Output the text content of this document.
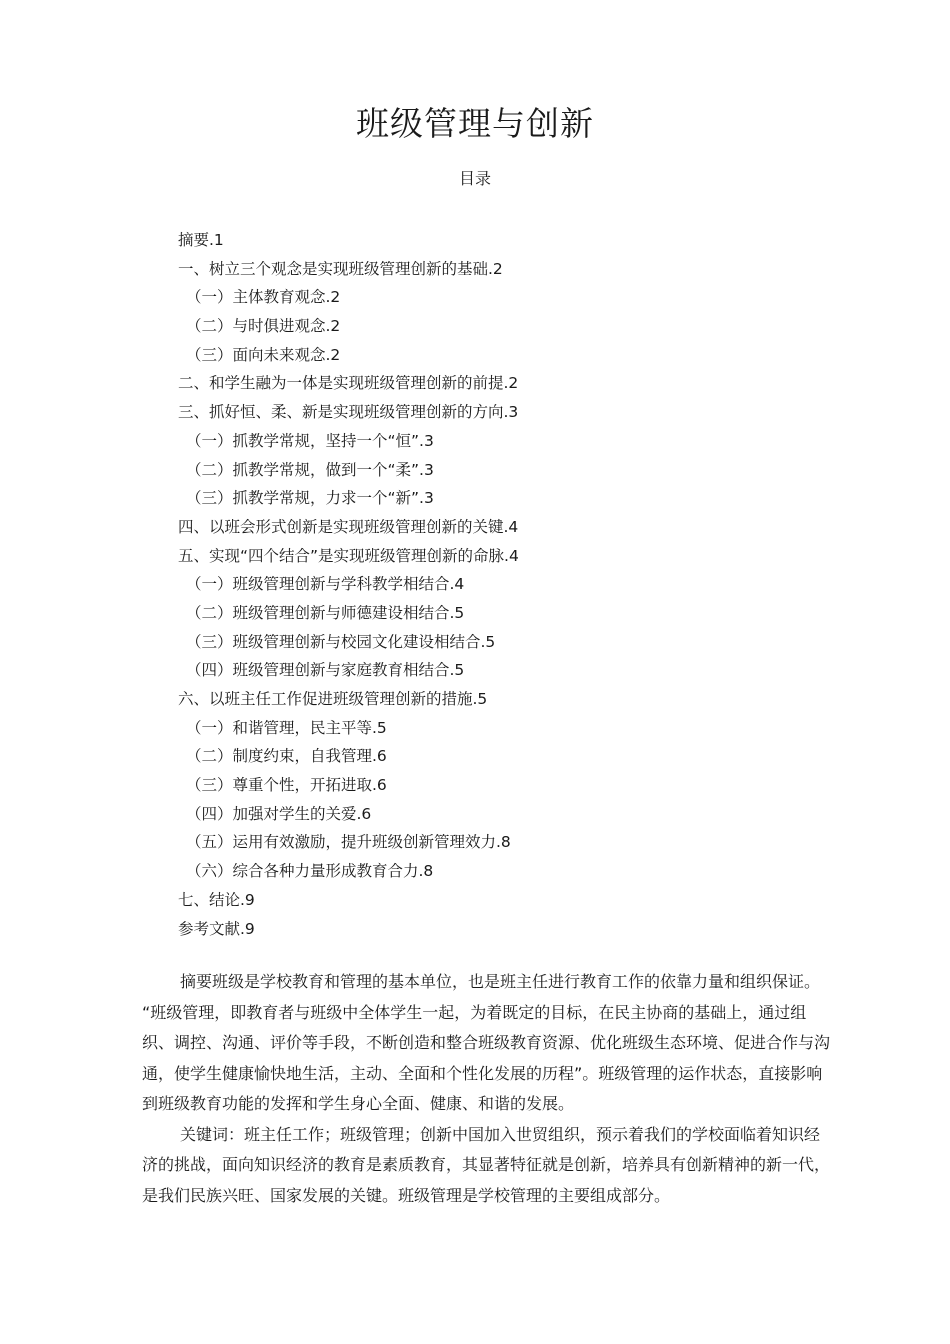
班级管理与创新
目录
摘要.1
一、树立三个观念是实现班级管理创新的基础.2
（一）主体教育观念.2
（二）与时俱进观念.2
（三）面向未来观念.2
二、和学生融为一体是实现班级管理创新的前提.2
三、抓好恒、柔、新是实现班级管理创新的方向.3
（一）抓教学常规，坚持一个“恒”.3
（二）抓教学常规，做到一个“柔”.3
（三）抓教学常规，力求一个“新”.3
四、以班会形式创新是实现班级管理创新的关键.4
五、实现“四个结合”是实现班级管理创新的命脉.4
（一）班级管理创新与学科教学相结合.4
（二）班级管理创新与师德建设相结合.5
（三）班级管理创新与校园文化建设相结合.5
（四）班级管理创新与家庭教育相结合.5
六、以班主任工作促进班级管理创新的措施.5
（一）和谐管理，民主平等.5
（二）制度约束，自我管理.6
（三）尊重个性，开拓进取.6
（四）加强对学生的关爱.6
（五）运用有效激励，提升班级创新管理效力.8
（六）综合各种力量形成教育合力.8
七、结论.9
参考文献.9

摘要班级是学校教育和管理的基本单位，也是班主任进行教育工作的依靠力量和组织保证。

“班级管理，即教育者与班级中全体学生一起，为着既定的目标，在民主协商的基础上，通过组织、调控、沟通、评价等手段，不断创造和整合班级教育资源、优化班级生态环境、促进合作与沟通，使学生健康愉快地生活，主动、全面和个性化发展的历程”。班级管理的运作状态，直接影响到班级教育功能的发挥和学生身心全面、健康、和谐的发展。

关键词：班主任工作；班级管理；创新中国加入世贸组织，预示着我们的学校面临着知识经济的挑战，面向知识经济的教育是素质教育，其显著特征就是创新，培养具有创新精神的新一代，是我们民族兴旺、国家发展的关键。班级管理是学校管理的主要组成部分。
